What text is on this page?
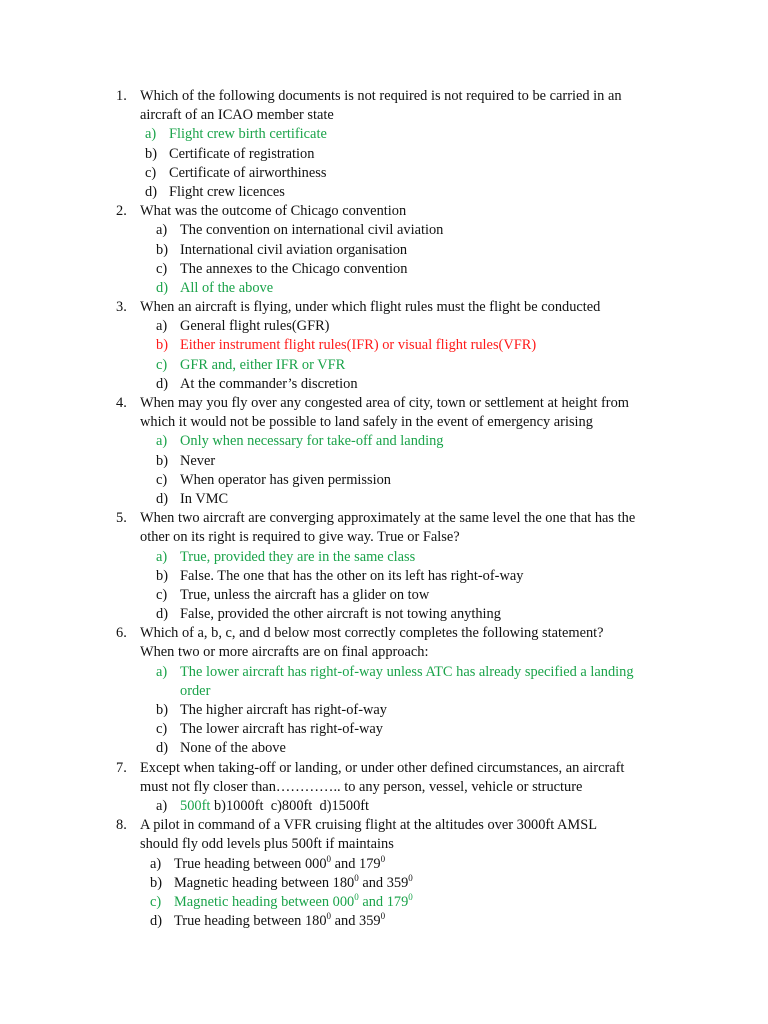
1. Which of the following documents is not required is not required to be carried in an
aircraft of an ICAO member state
a) Flight crew birth certificate
b) Certificate of registration
c) Certificate of airworthiness
d) Flight crew licences
2. What was the outcome of Chicago convention
a) The convention on international civil aviation
b) International civil aviation organisation
c) The annexes to the Chicago convention
d) All of the above
3. When an aircraft is flying, under which flight rules must the flight be conducted
a) General flight rules(GFR)
b) Either instrument flight rules(IFR) or visual flight rules(VFR)
c) GFR and, either IFR or VFR
d) At the commander’s discretion
4. When may you fly over any congested area of city, town or settlement at height from
which it would not be possible to land safely in the event of emergency arising
a) Only when necessary for take-off and landing
b) Never
c) When operator has given permission
d) In VMC
5. When two aircraft are converging approximately at the same level the one that has the
other on its right is required to give way. True or False?
a) True, provided they are in the same class
b) False. The one that has the other on its left has right-of-way
c) True, unless the aircraft has a glider on tow
d) False, provided the other aircraft is not towing anything
6. Which of a, b, c, and d below most correctly completes the following statement?
When two or more aircrafts are on final approach:
a) The lower aircraft has right-of-way unless ATC has already specified a landing
order
b) The higher aircraft has right-of-way
c) The lower aircraft has right-of-way
d) None of the above
7. Except when taking-off or landing, or under other defined circumstances, an aircraft
must not fly closer than………….. to any person, vessel, vehicle or structure
a) 500ft b)1000ft  c)800ft  d)1500ft
8. A pilot in command of a VFR cruising flight at the altitudes over 3000ft AMSL
should fly odd levels plus 500ft if maintains
a) True heading between $000^0$ and $179^0$
b) Magnetic heading between $180^0$ and $359^0$
c) Magnetic heading between $000^0$ and $179^0$
d) True heading between $180^0$ and $359^0$
